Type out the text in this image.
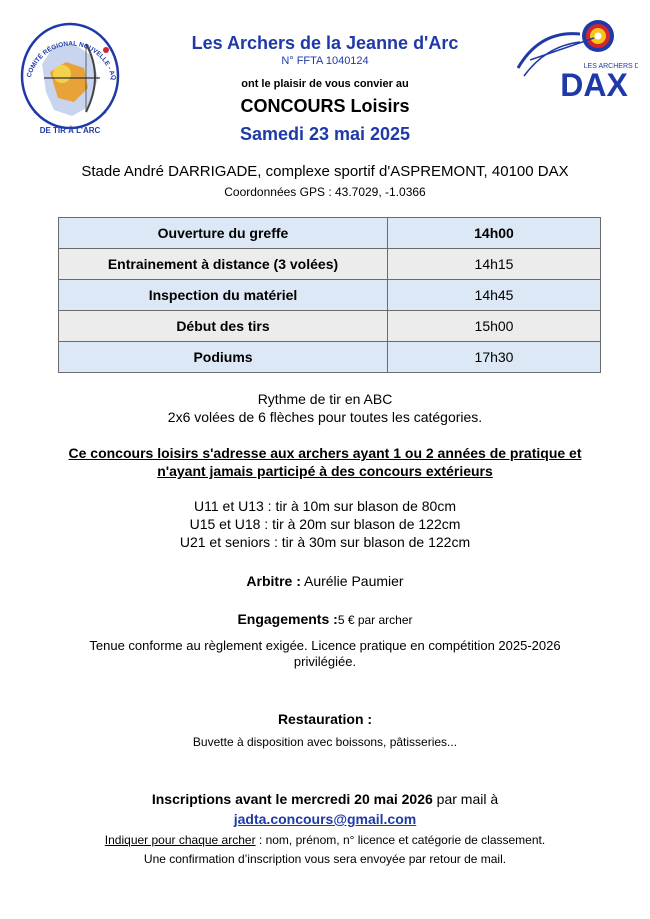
COMITÉ RÉGIONAL NOUVELLE - AQ
DE TIR À L'ARC
LES ARCHERS D
DAX
Les Archers de la Jeanne d'Arc
N° FFTA 1040124
ont le plaisir de vous convier au
CONCOURS Loisirs
Samedi 23 mai 2025
Stade André DARRIGADE, complexe sportif d'ASPREMONT, 40100 DAX
Coordonnées GPS : 43.7029, -1.0366
Ouverture du greffe	14h00
Entrainement à distance (3 volées)	14h15
Inspection du matériel	14h45
Début des tirs	15h00
Podiums	17h30
Rythme de tir en ABC
2x6 volées de 6 flèches pour toutes les catégories.
Ce concours loisirs s'adresse aux archers ayant 1 ou 2 années de pratique et
n'ayant jamais participé à des concours extérieurs
U11 et U13 : tir à 10m sur blason de 80cm
U15 et U18 : tir à 20m sur blason de 122cm
U21 et seniors : tir à 30m sur blason de 122cm
Arbitre : Aurélie Paumier
Engagements :5 € par archer
Tenue conforme au règlement exigée. Licence pratique en compétition 2025-2026 privilégiée.
Restauration :
Buvette à disposition avec boissons, pâtisseries...
Inscriptions avant le mercredi 20 mai 2026 par mail à
jadta.concours@gmail.com
Indiquer pour chaque archer : nom, prénom, n° licence et catégorie de classement.
Une confirmation d’inscription vous sera envoyée par retour de mail.
